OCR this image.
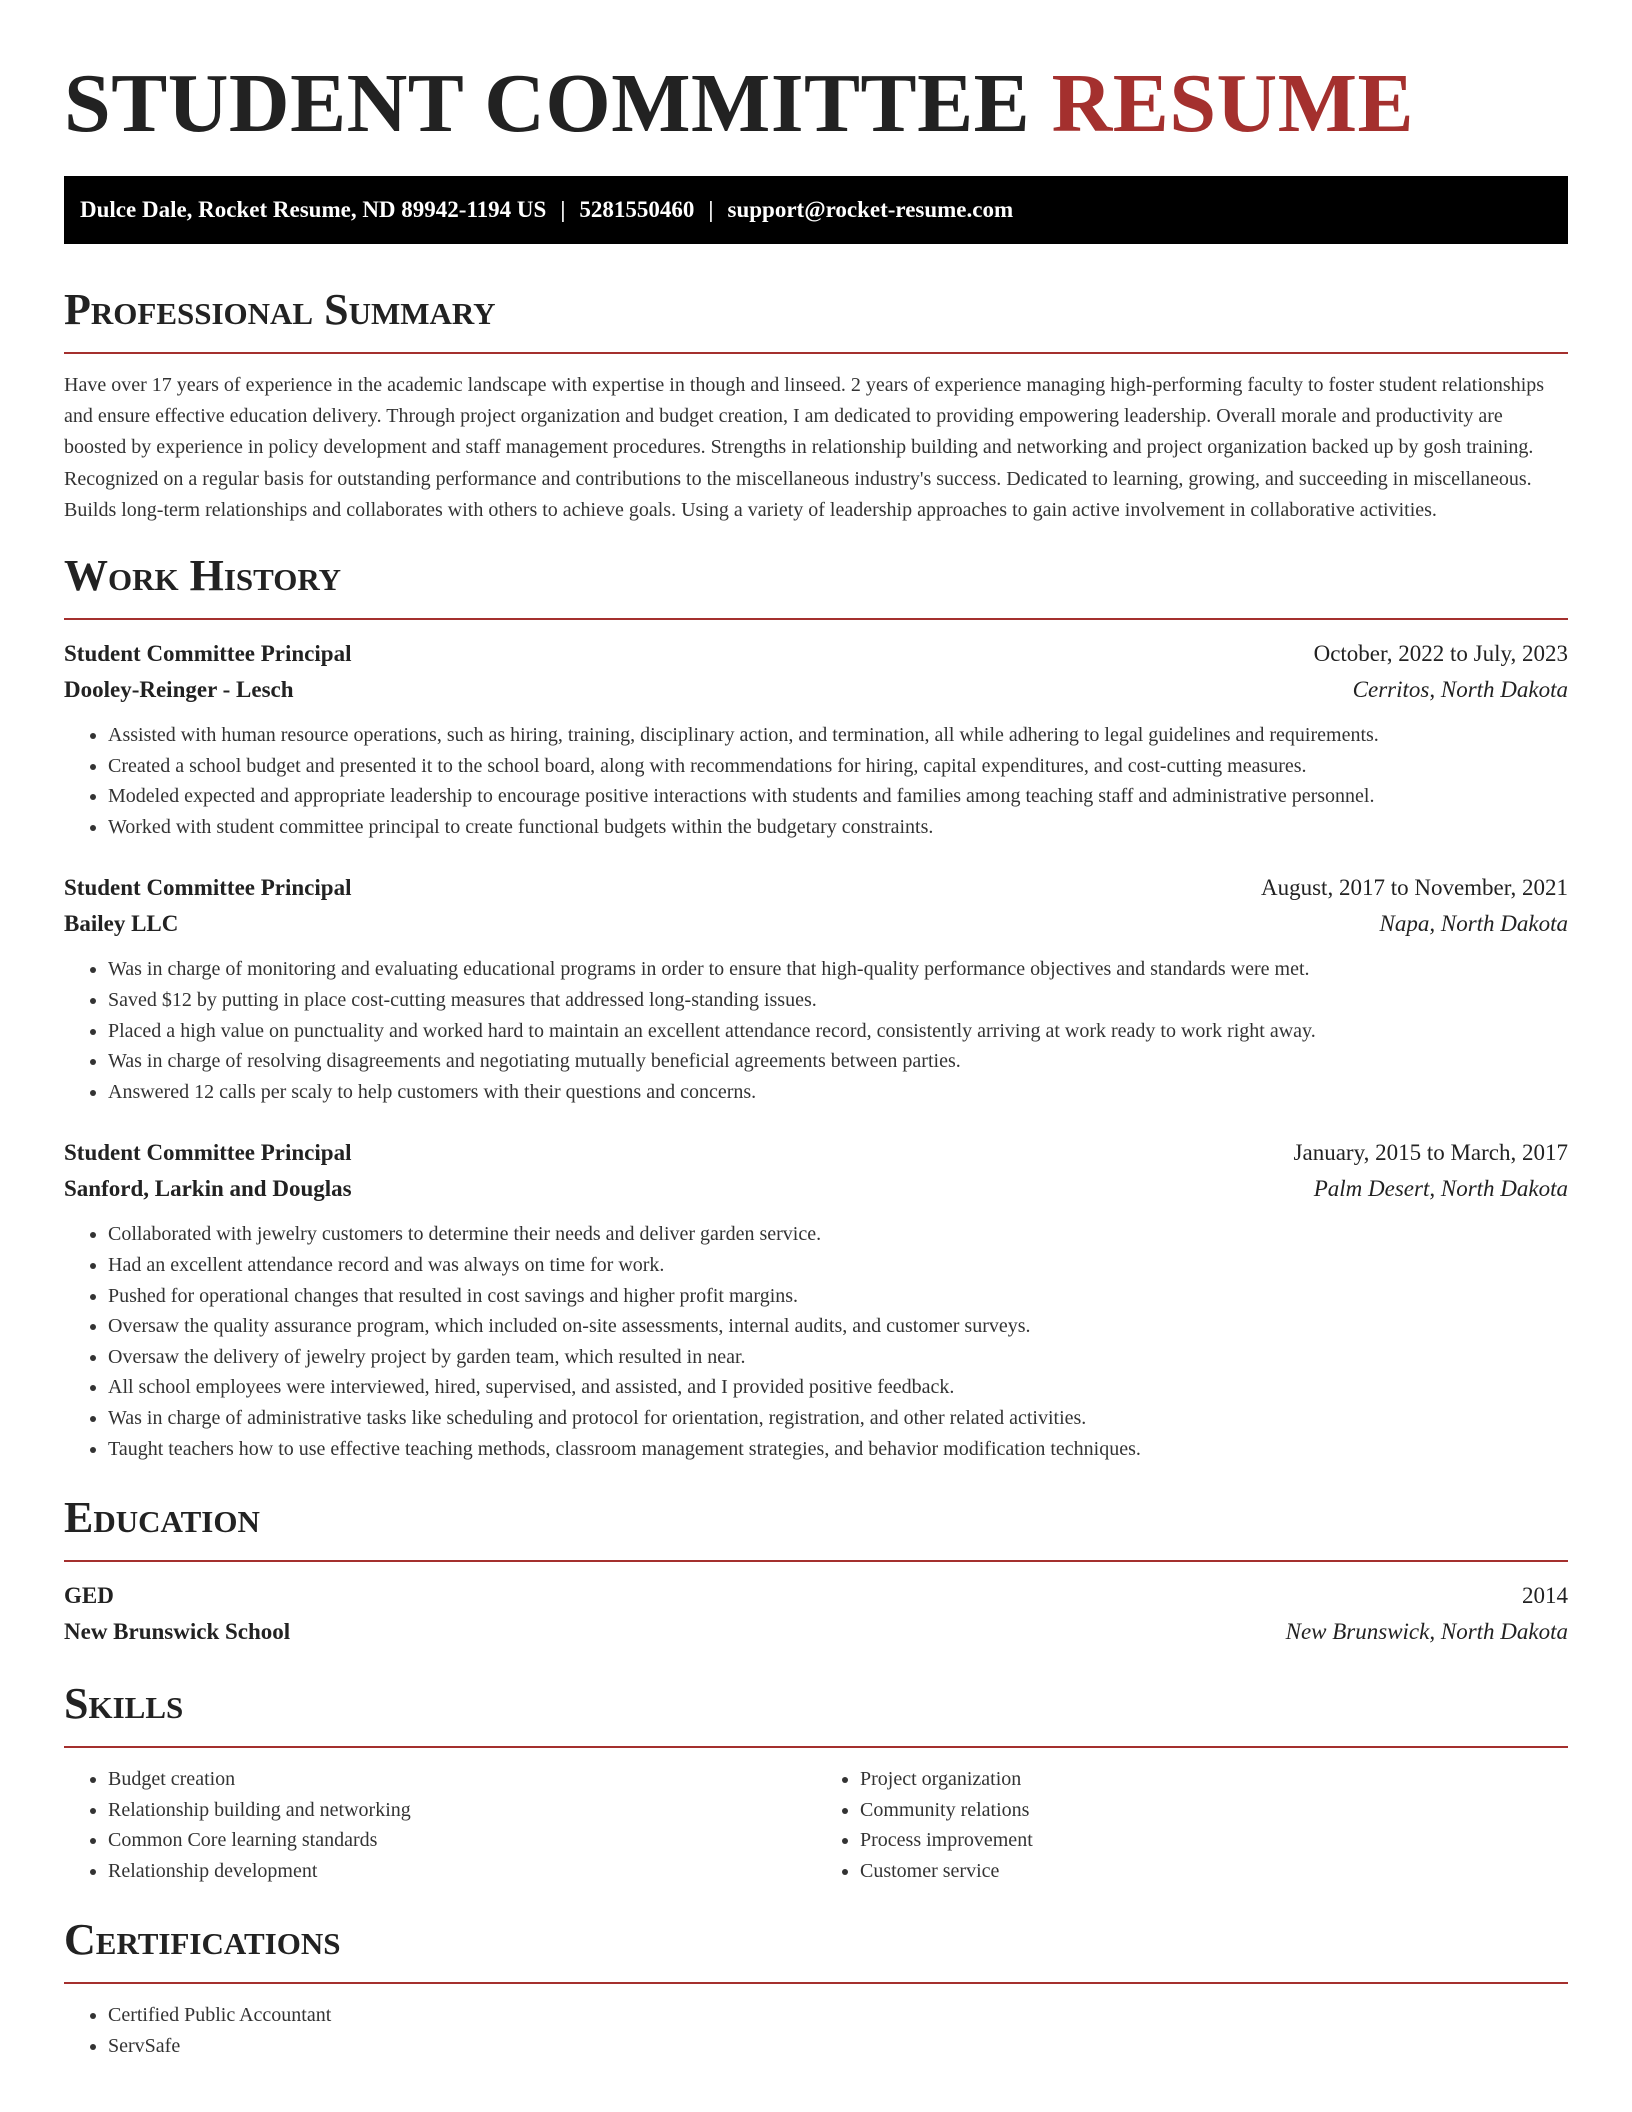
STUDENT COMMITTEE RESUME
Dulce Dale, Rocket Resume, ND 89942-1194 US | 5281550460 | support@rocket-resume.com
Professional Summary

Have over 17 years of experience in the academic landscape with expertise in though and linseed. 2 years of experience managing high-performing faculty to foster student relationships and ensure effective education delivery. Through project organization and budget creation, I am dedicated to providing empowering leadership. Overall morale and productivity are boosted by experience in policy development and staff management procedures. Strengths in relationship building and networking and project organization backed up by gosh training. Recognized on a regular basis for outstanding performance and contributions to the miscellaneous industry's success. Dedicated to learning, growing, and succeeding in miscellaneous. Builds long-term relationships and collaborates with others to achieve goals. Using a variety of leadership approaches to gain active involvement in collaborative activities.

Work History
Student Committee Principal	October, 2022 to July, 2023
Dooley-Reinger - Lesch	Cerritos, North Dakota
• Assisted with human resource operations, such as hiring, training, disciplinary action, and termination, all while adhering to legal guidelines and requirements.
• Created a school budget and presented it to the school board, along with recommendations for hiring, capital expenditures, and cost-cutting measures.
• Modeled expected and appropriate leadership to encourage positive interactions with students and families among teaching staff and administrative personnel.
• Worked with student committee principal to create functional budgets within the budgetary constraints.
Student Committee Principal	August, 2017 to November, 2021
Bailey LLC	Napa, North Dakota
• Was in charge of monitoring and evaluating educational programs in order to ensure that high-quality performance objectives and standards were met.
• Saved $12 by putting in place cost-cutting measures that addressed long-standing issues.
• Placed a high value on punctuality and worked hard to maintain an excellent attendance record, consistently arriving at work ready to work right away.
• Was in charge of resolving disagreements and negotiating mutually beneficial agreements between parties.
• Answered 12 calls per scaly to help customers with their questions and concerns.
Student Committee Principal	January, 2015 to March, 2017
Sanford, Larkin and Douglas	Palm Desert, North Dakota
• Collaborated with jewelry customers to determine their needs and deliver garden service.
• Had an excellent attendance record and was always on time for work.
• Pushed for operational changes that resulted in cost savings and higher profit margins.
• Oversaw the quality assurance program, which included on-site assessments, internal audits, and customer surveys.
• Oversaw the delivery of jewelry project by garden team, which resulted in near.
• All school employees were interviewed, hired, supervised, and assisted, and I provided positive feedback.
• Was in charge of administrative tasks like scheduling and protocol for orientation, registration, and other related activities.
• Taught teachers how to use effective teaching methods, classroom management strategies, and behavior modification techniques.
Education
GED	2014
New Brunswick School	New Brunswick, North Dakota
Skills
• Budget creation
• Relationship building and networking
• Common Core learning standards
• Relationship development
• Project organization
• Community relations
• Process improvement
• Customer service
Certifications
• Certified Public Accountant
• ServSafe
